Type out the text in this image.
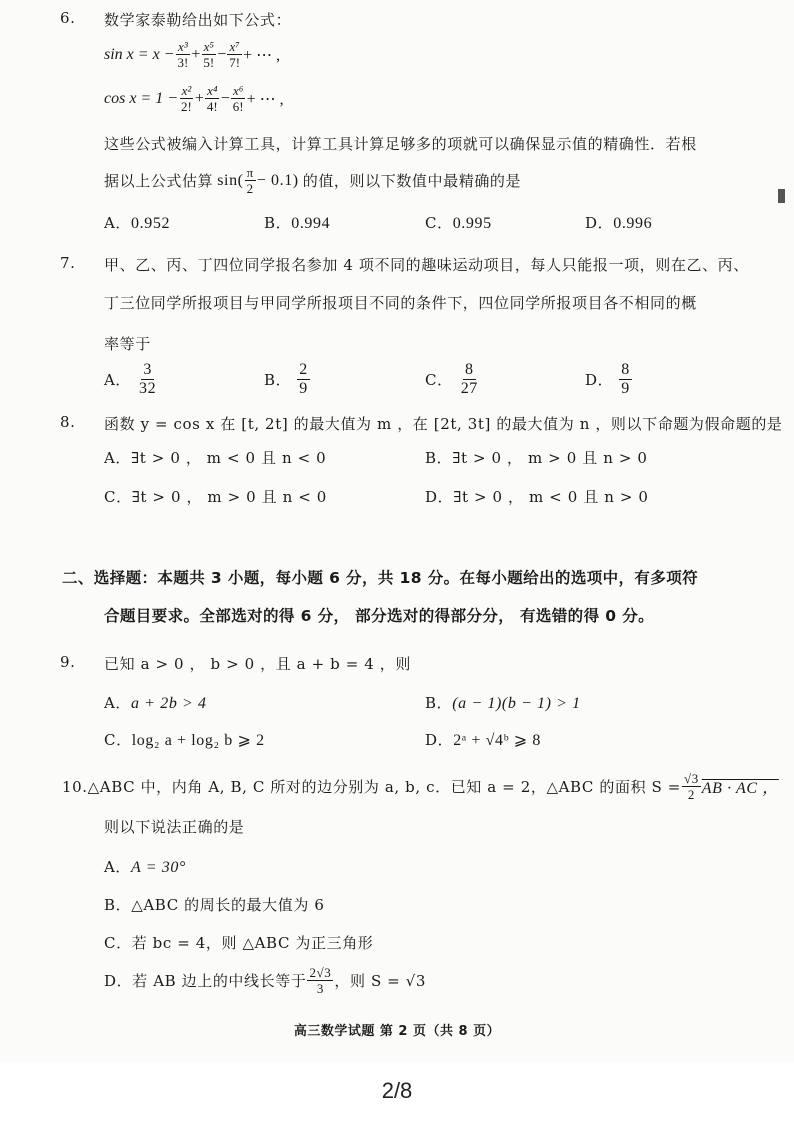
6. 数学家泰勒给出如下公式：
$\sin x = x - \frac{\text{x³}}{3!} + \frac{\text{x⁵}}{5!} - \frac{\text{x⁷}}{7!}$ + ⋯ ,
$\cos x = 1 - \frac{\text{x²}}{2!} + \frac{\text{x⁴}}{4!} - \frac{\text{x⁶}}{6!}$ + ⋯ ,
这些公式被编入计算工具，计算工具计算足够多的项就可以确保显示值的精确性．若根
据以上公式估算 $\sin( \frac{\pi}{2} - 0.1)$ 的值，则以下数值中最精确的是
A．0.952	B．0.994	C．0.995	D．0.996
7. 甲、乙、丙、丁四位同学报名参加 4 项不同的趣味运动项目，每人只能报一项，则在乙、丙、
丁三位同学所报项目与甲同学所报项目不同的条件下，四位同学所报项目各不相同的概
率等于
A． $\frac{3}{32}$	B． $\frac{2}{9}$	C． $\frac{8}{27}$	D． $\frac{8}{9}$
8. 函数 y = cos x 在 [t, 2t] 的最大值为 m ，在 [2t, 3t] 的最大值为 n ，则以下命题为假命题的是
A．∃t > 0 ， m < 0 且 n < 0	B．∃t > 0 ， m > 0 且 n > 0
C．∃t > 0 ， m > 0 且 n < 0	D．∃t > 0 ， m < 0 且 n > 0
二、选择题：本题共 3 小题，每小题 6 分，共 18 分。在每小题给出的选项中，有多项符
合题目要求。全部选对的得 6 分， 部分选对的得部分分， 有选错的得 0 分。
9. 已知 a > 0 ， b > 0 ，且 a + b = 4 ，则
A．a + 2b > 4	B．(a − 1)(b − 1) > 1
C．log₂ a + log₂ b ⩾ 2	D．2ᵃ + √4ᵇ ⩾ 8
10. △ABC 中，内角 A, B, C 所对的边分别为 a, b, c．已知 a = 2，△ABC 的面积 $S = \frac{√3}{2}$ AB · AC ，
则以下说法正确的是
A．A = 30°
B．△ABC 的周长的最大值为 6
C．若 bc = 4，则 △ABC 为正三角形
D． 若 AB 边上的中线长等于 $\frac{2√3}{3}$ ，则 S = √3
高三数学试题 第 2 页（共 8 页）
2/8
